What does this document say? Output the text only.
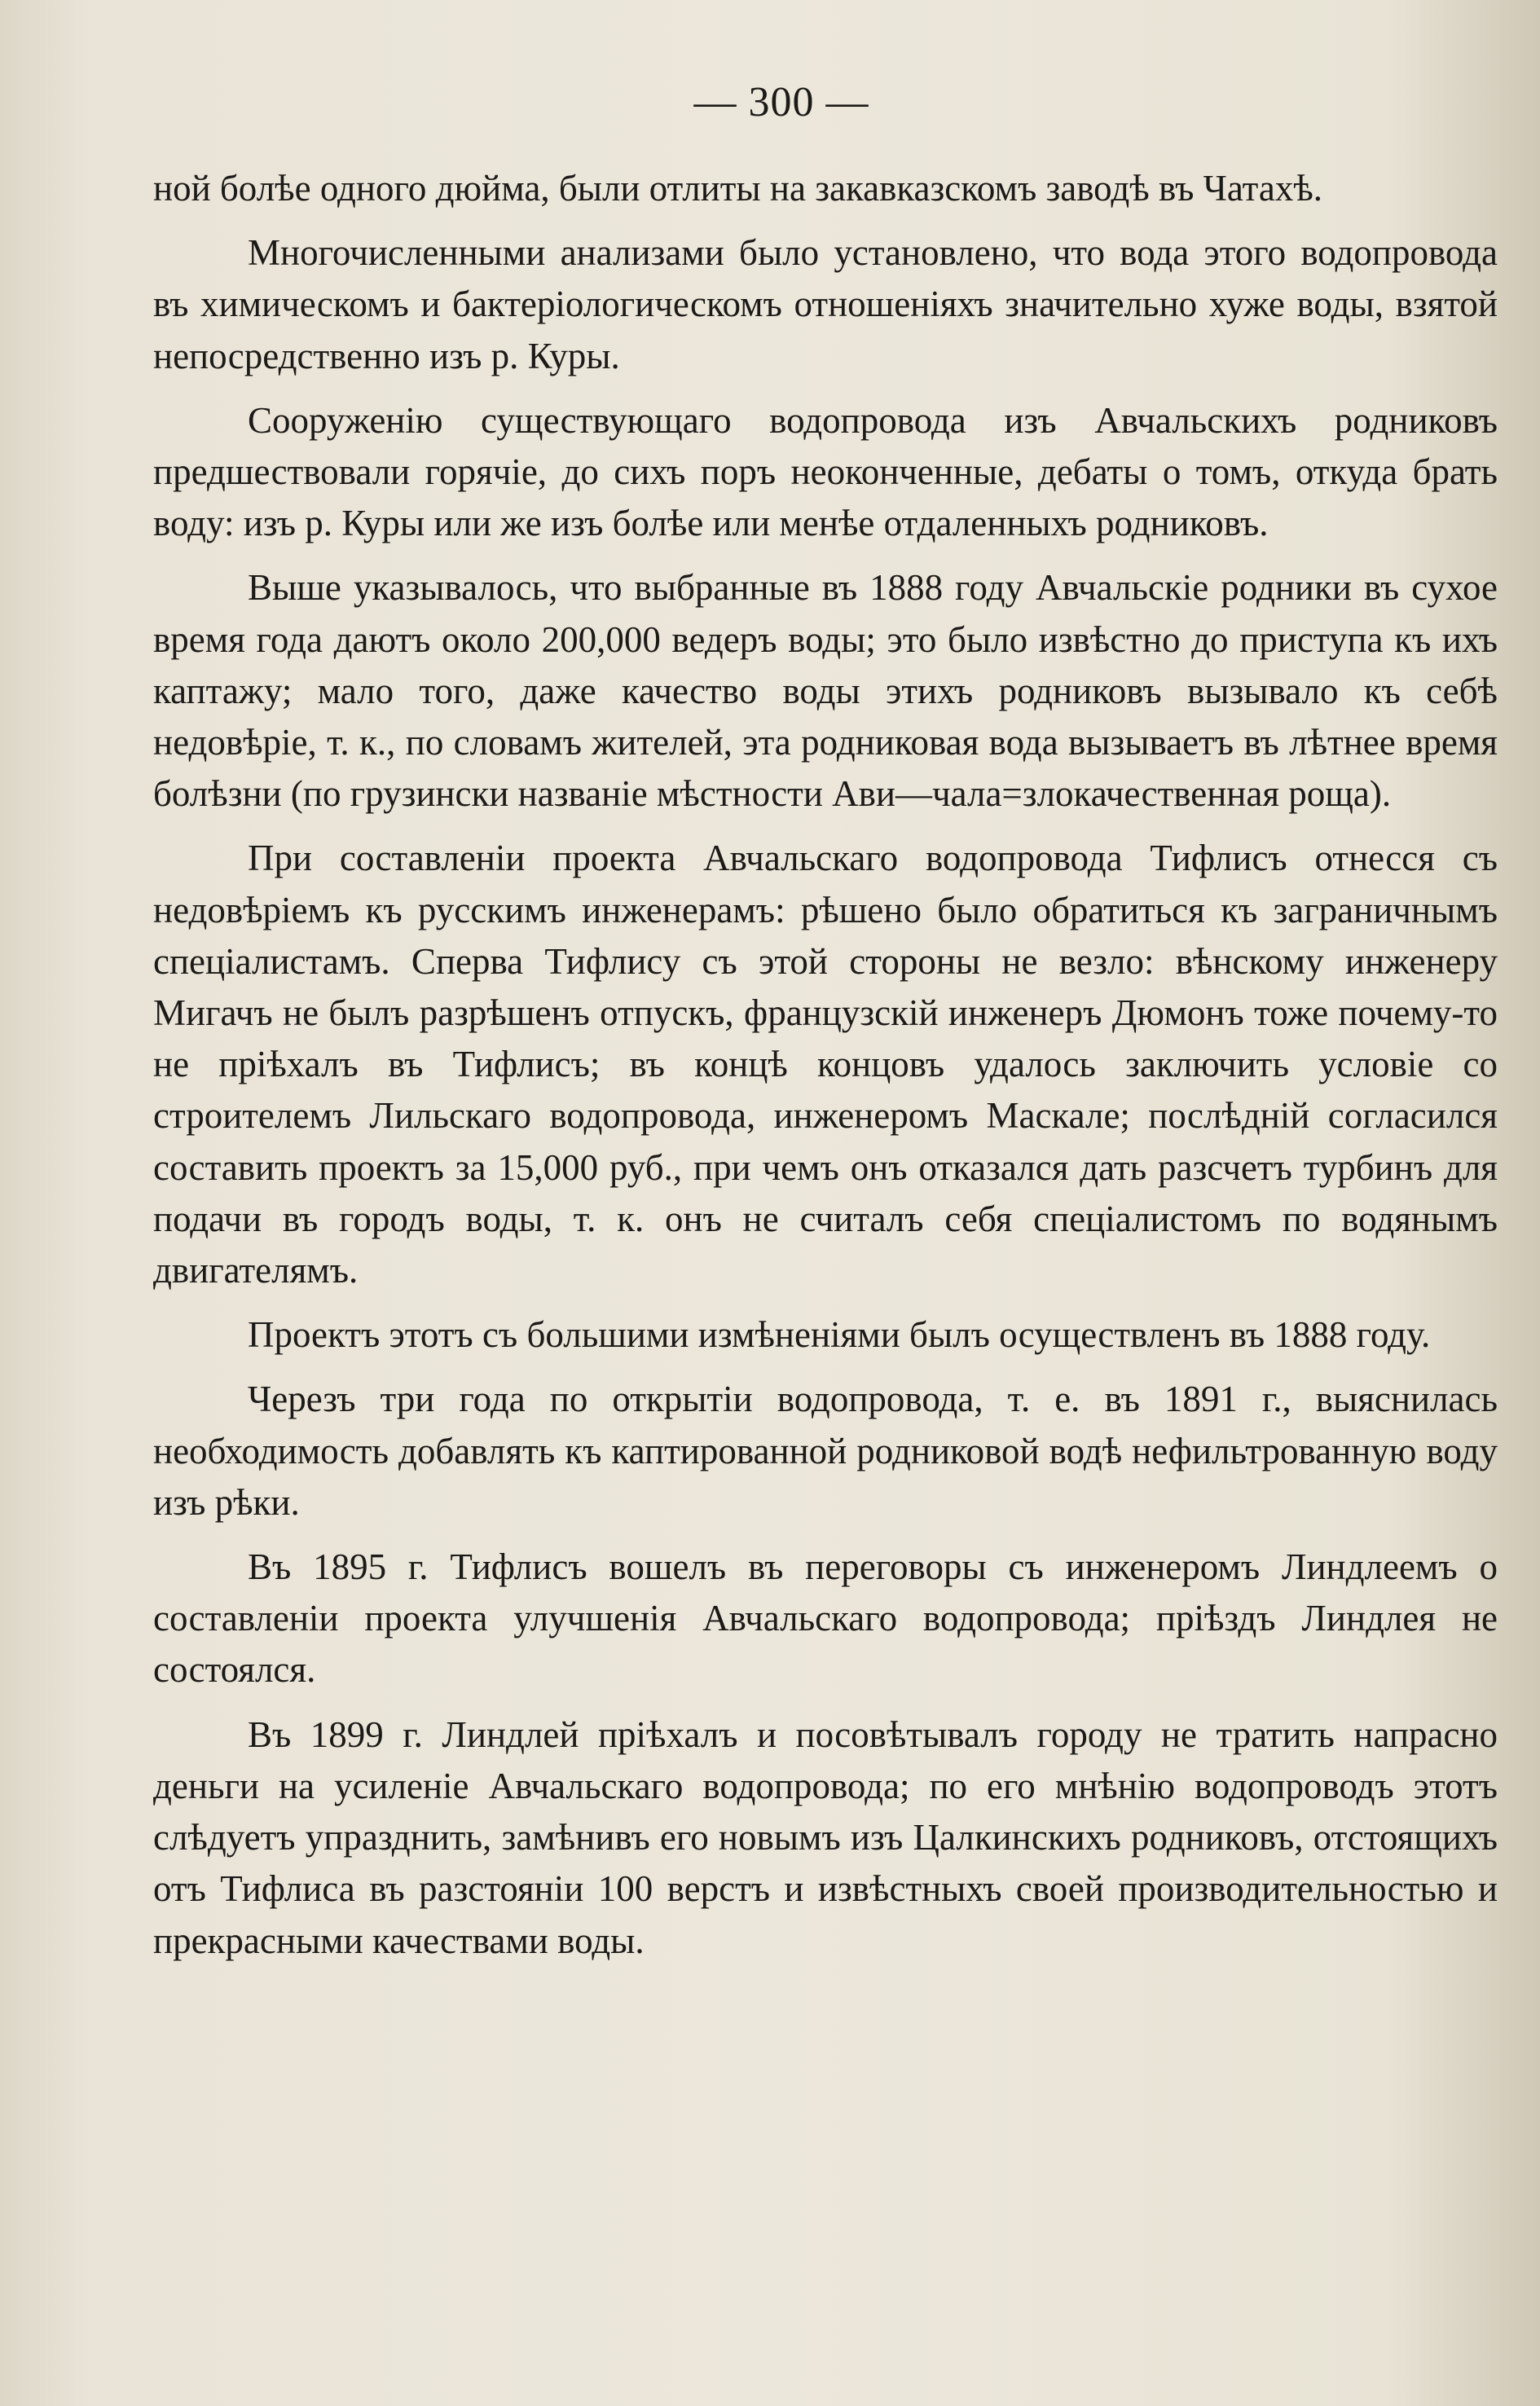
— 300 —

ной болѣе одного дюйма, были отлиты на закавказскомъ заводѣ въ Чатахѣ.

Многочисленными анализами было установлено, что вода этого водопровода въ химическомъ и бактеріологическомъ отношеніяхъ значительно хуже воды, взятой непосредственно изъ р. Куры.

Сооруженію существующаго водопровода изъ Авчальскихъ родниковъ предшествовали горячіе, до сихъ поръ неоконченные, дебаты о томъ, откуда брать воду: изъ р. Куры или же изъ болѣе или менѣе отдаленныхъ родниковъ.

Выше указывалось, что выбранные въ 1888 году Авчальскіе родники въ сухое время года даютъ около 200,000 ведеръ воды; это было извѣстно до приступа къ ихъ каптажу; мало того, даже качество воды этихъ родниковъ вызывало къ себѣ недовѣріе, т. к., по словамъ жителей, эта родниковая вода вызываетъ въ лѣтнее время болѣзни (по грузински названіе мѣстности Ави—чала=злокачественная роща).

При составленіи проекта Авчальскаго водопровода Тифлисъ отнесся съ недовѣріемъ къ русскимъ инженерамъ: рѣшено было обратиться къ заграничнымъ спеціалистамъ. Сперва Тифлису съ этой стороны не везло: вѣнскому инженеру Мигачъ не былъ разрѣшенъ отпускъ, французскій инженеръ Дюмонъ тоже почему-то не пріѣхалъ въ Тифлисъ; въ концѣ концовъ удалось заключить условіе со строителемъ Лильскаго водопровода, инженеромъ Маскале; послѣдній согласился составить проектъ за 15,000 руб., при чемъ онъ отказался дать разсчетъ турбинъ для подачи въ городъ воды, т. к. онъ не считалъ себя спеціалистомъ по водянымъ двигателямъ.

Проектъ этотъ съ большими измѣненіями былъ осуществленъ въ 1888 году.

Черезъ три года по открытіи водопровода, т. е. въ 1891 г., выяснилась необходимость добавлять къ каптированной родниковой водѣ нефильтрованную воду изъ рѣки.

Въ 1895 г. Тифлисъ вошелъ въ переговоры съ инженеромъ Линдлеемъ о составленіи проекта улучшенія Авчальскаго водопровода; пріѣздъ Линдлея не состоялся.

Въ 1899 г. Линдлей пріѣхалъ и посовѣтывалъ городу не тратить напрасно деньги на усиленіе Авчальскаго водопровода; по его мнѣнію водопроводъ этотъ слѣдуетъ упразднить, замѣнивъ его новымъ изъ Цалкинскихъ родниковъ, отстоящихъ отъ Тифлиса въ разстояніи 100 верстъ и извѣстныхъ своей производительностью и прекрасными качествами воды.
